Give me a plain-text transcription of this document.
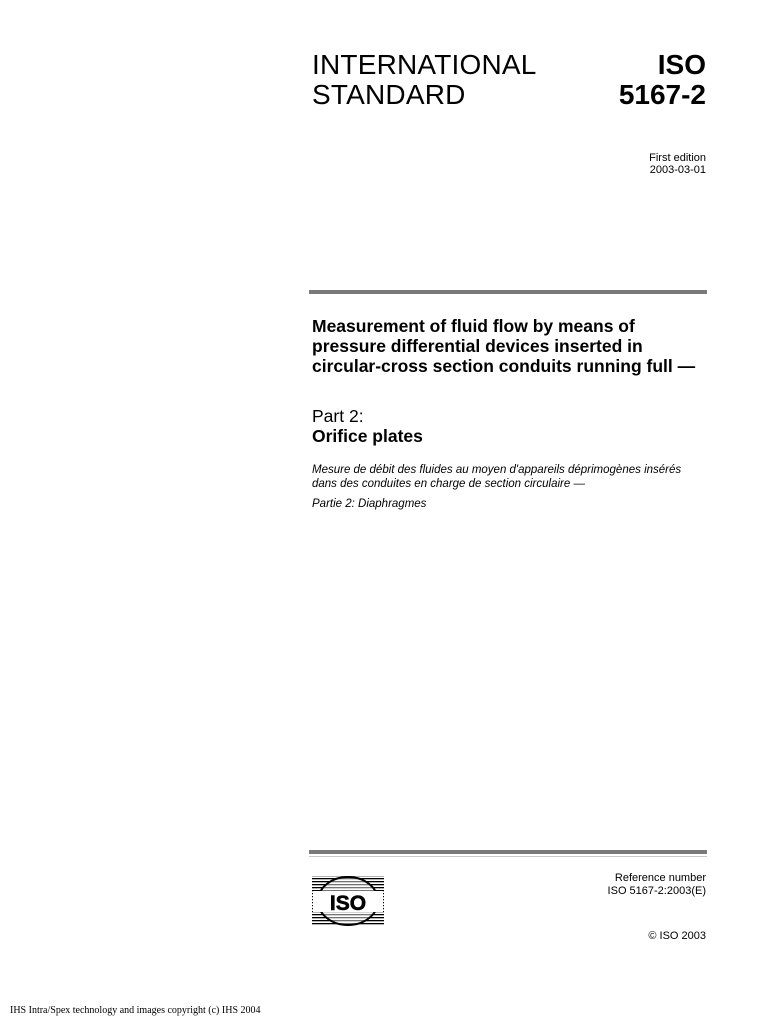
INTERNATIONAL
STANDARD
ISO
5167-2
First edition
2003-03-01
Measurement of fluid flow by means of pressure differential devices inserted in circular-cross section conduits running full —
Part 2:
Orifice plates
Mesure de débit des fluides au moyen d'appareils déprimogènes insérés dans des conduites en charge de section circulaire —
Partie 2: Diaphragmes
ISO
Reference number
ISO 5167-2:2003(E)
© ISO 2003
IHS Intra/Spex technology and images copyright (c) IHS 2004
